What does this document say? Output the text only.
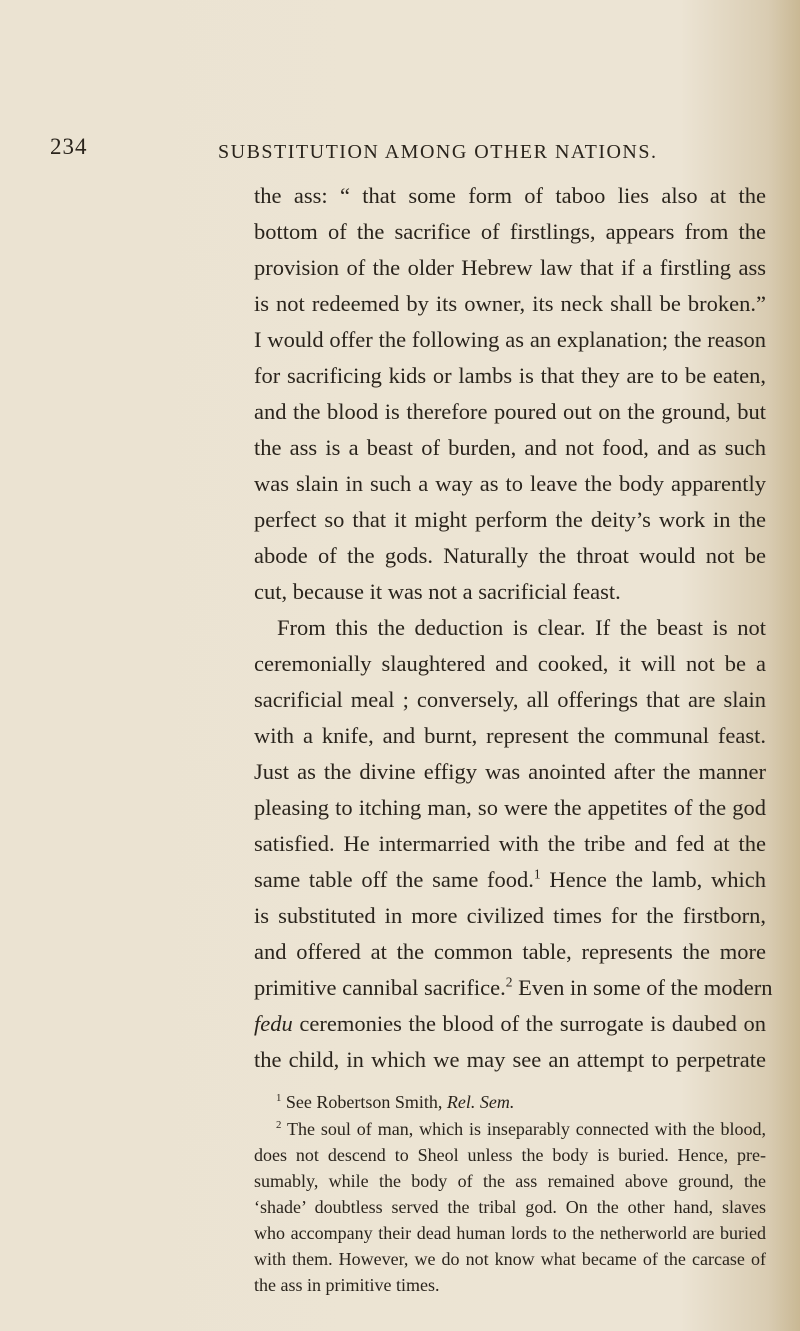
234	SUBSTITUTION AMONG OTHER NATIONS.
the ass: “ that some form of taboo lies also at the
bottom of the sacrifice of firstlings, appears from the
provision of the older Hebrew law that if a firstling ass
is not redeemed by its owner, its neck shall be broken.”
I would offer the following as an explanation; the reason
for sacrificing kids or lambs is that they are to be eaten,
and the blood is therefore poured out on the ground, but
the ass is a beast of burden, and not food, and as such
was slain in such a way as to leave the body apparently
perfect so that it might perform the deity’s work in the
abode of the gods. Naturally the throat would not be
cut, because it was not a sacrificial feast.
From this the deduction is clear. If the beast is not
ceremonially slaughtered and cooked, it will not be a
sacrificial meal ; conversely, all offerings that are slain
with a knife, and burnt, represent the communal feast.
Just as the divine effigy was anointed after the manner
pleasing to itching man, so were the appetites of the god
satisfied. He intermarried with the tribe and fed at the
same table off the same food.$^1$ Hence the lamb, which
is substituted in more civilized times for the firstborn,
and offered at the common table, represents the more
primitive cannibal sacrifice.$^2$ Even in some of the modern
fedu ceremonies the blood of the surrogate is daubed on
the child, in which we may see an attempt to perpetrate
$^1$ See Robertson Smith, Rel. Sem.
$^2$ The soul of man, which is inseparably connected with the blood,
does not descend to Sheol unless the body is buried. Hence, pre-
sumably, while the body of the ass remained above ground, the
‘shade’ doubtless served the tribal god. On the other hand, slaves
who accompany their dead human lords to the netherworld are buried
with them. However, we do not know what became of the carcase of
the ass in primitive times.
